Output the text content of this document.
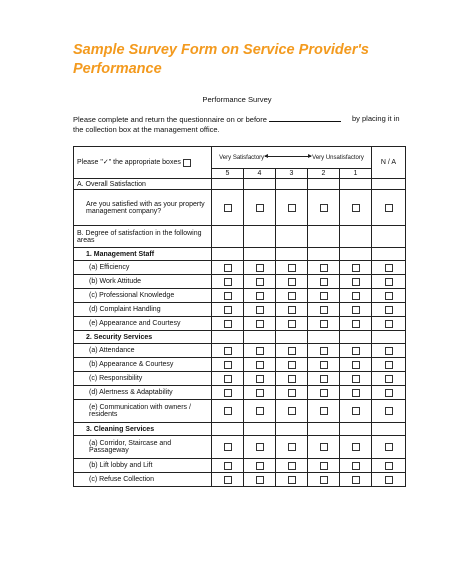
Sample Survey Form on Service Provider's
Performance
Performance Survey
Please complete and return the questionnaire on or before
the collection box at the management office.
by placing it in
Please "✓" the appropriate boxes	Very Satisfactory Very Unsatisfactory					N / A
	5	4	3	2	1	
A. Overall Satisfaction						
Are you satisfied with as your property management company?						
B. Degree of satisfaction in the following areas						
1. Management Staff						
(a) Efficiency						
(b) Work Attitude						
(c) Professional Knowledge						
(d) Complaint Handling						
(e) Appearance and Courtesy						
2. Security Services						
(a) Attendance						
(b) Appearance & Courtesy						
(c) Responsibility						
(d) Alertness & Adaptability						
(e) Communication with owners / residents						
3. Cleaning Services						
(a) Corridor, Staircase and Passageway						
(b) Lift lobby and Lift						
(c) Refuse Collection						
